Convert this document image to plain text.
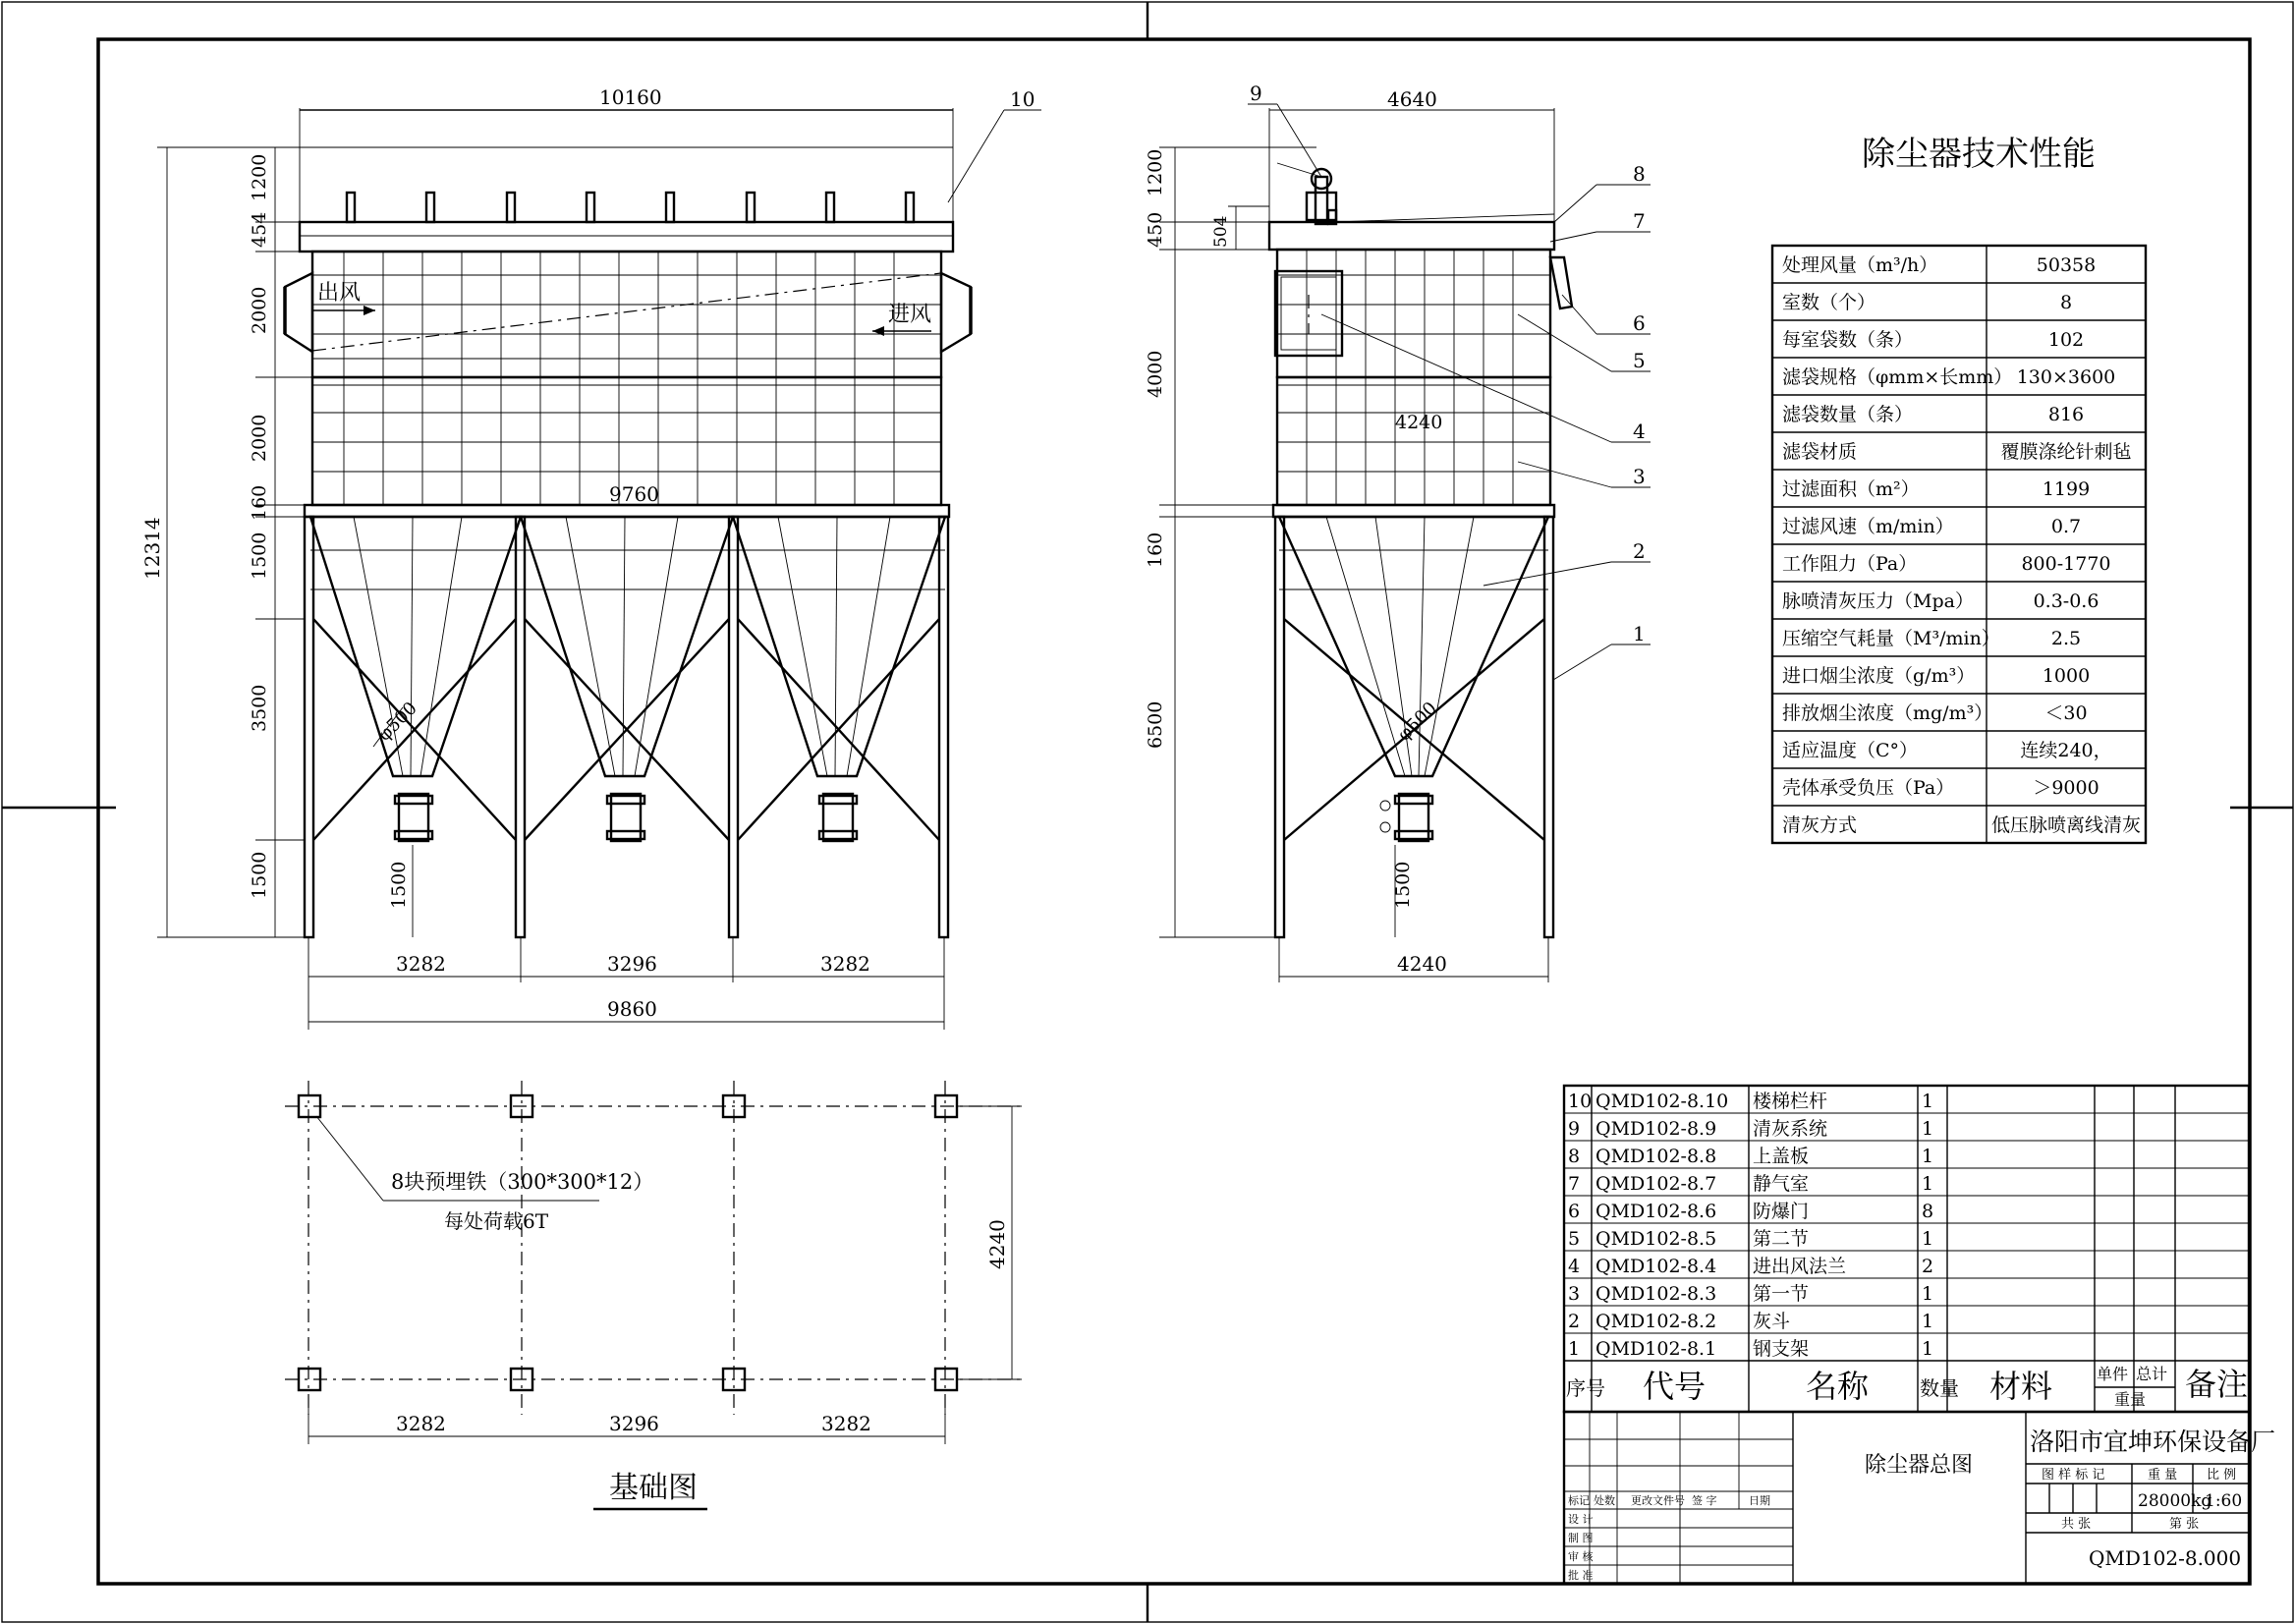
出风
进风
φ500
10160
9760
1200
454
2000
2000
160
1500
3500
1500
12314
1500
3282	3296	3282
9860
10
φ500
4640
4240
1200
450	504
4000
160
6500
1500
4240
9
8
7
6
5
4
3
2
1
除尘器技术性能
处理风量（m³/h）	50358
室数（个）	8
每室袋数（条）	102
滤袋规格（φmm×长mm） 130×3600
滤袋数量（条）	816
滤袋材质	覆膜涤纶针刺毡
过滤面积（m²）	1199
过滤风速（m/min）	0.7
工作阻力（Pa）	800-1770
脉喷清灰压力（Mpa）	0.3-0.6
压缩空气耗量（M³/min）	2.5
进口烟尘浓度（g/m³）	1000
排放烟尘浓度（mg/m³）	＜30
适应温度（C°）	连续240，
壳体承受负压（Pa）	＞9000
清灰方式	低压脉喷离线清灰
8块预埋铁（300*300*12）
每处荷载6T
3282	3296	3282
4240
基础图
10 QMD102-8.10 楼梯栏杆	1
9 QMD102-8.9 清灰系统	1
8 QMD102-8.8 上盖板	1
7 QMD102-8.7 静气室	1
6 QMD102-8.6 防爆门	8
5 QMD102-8.5 第二节	1
4 QMD102-8.4 进出风法兰	2
3 QMD102-8.3 第一节	1
2 QMD102-8.2 灰斗	1
1 QMD102-8.1 钢支架	1
序号 代号	名称	数量 材料	单件 总计
重量 备注
标记 处数 更改文件号 签 字	日期
设 计
制 图
审 核
批 准
除尘器总图
洛阳市宜坤环保设备厂
图 样 标 记	重 量 比 例
28000kg
1:60
共 张	第 张
QMD102-8.000
